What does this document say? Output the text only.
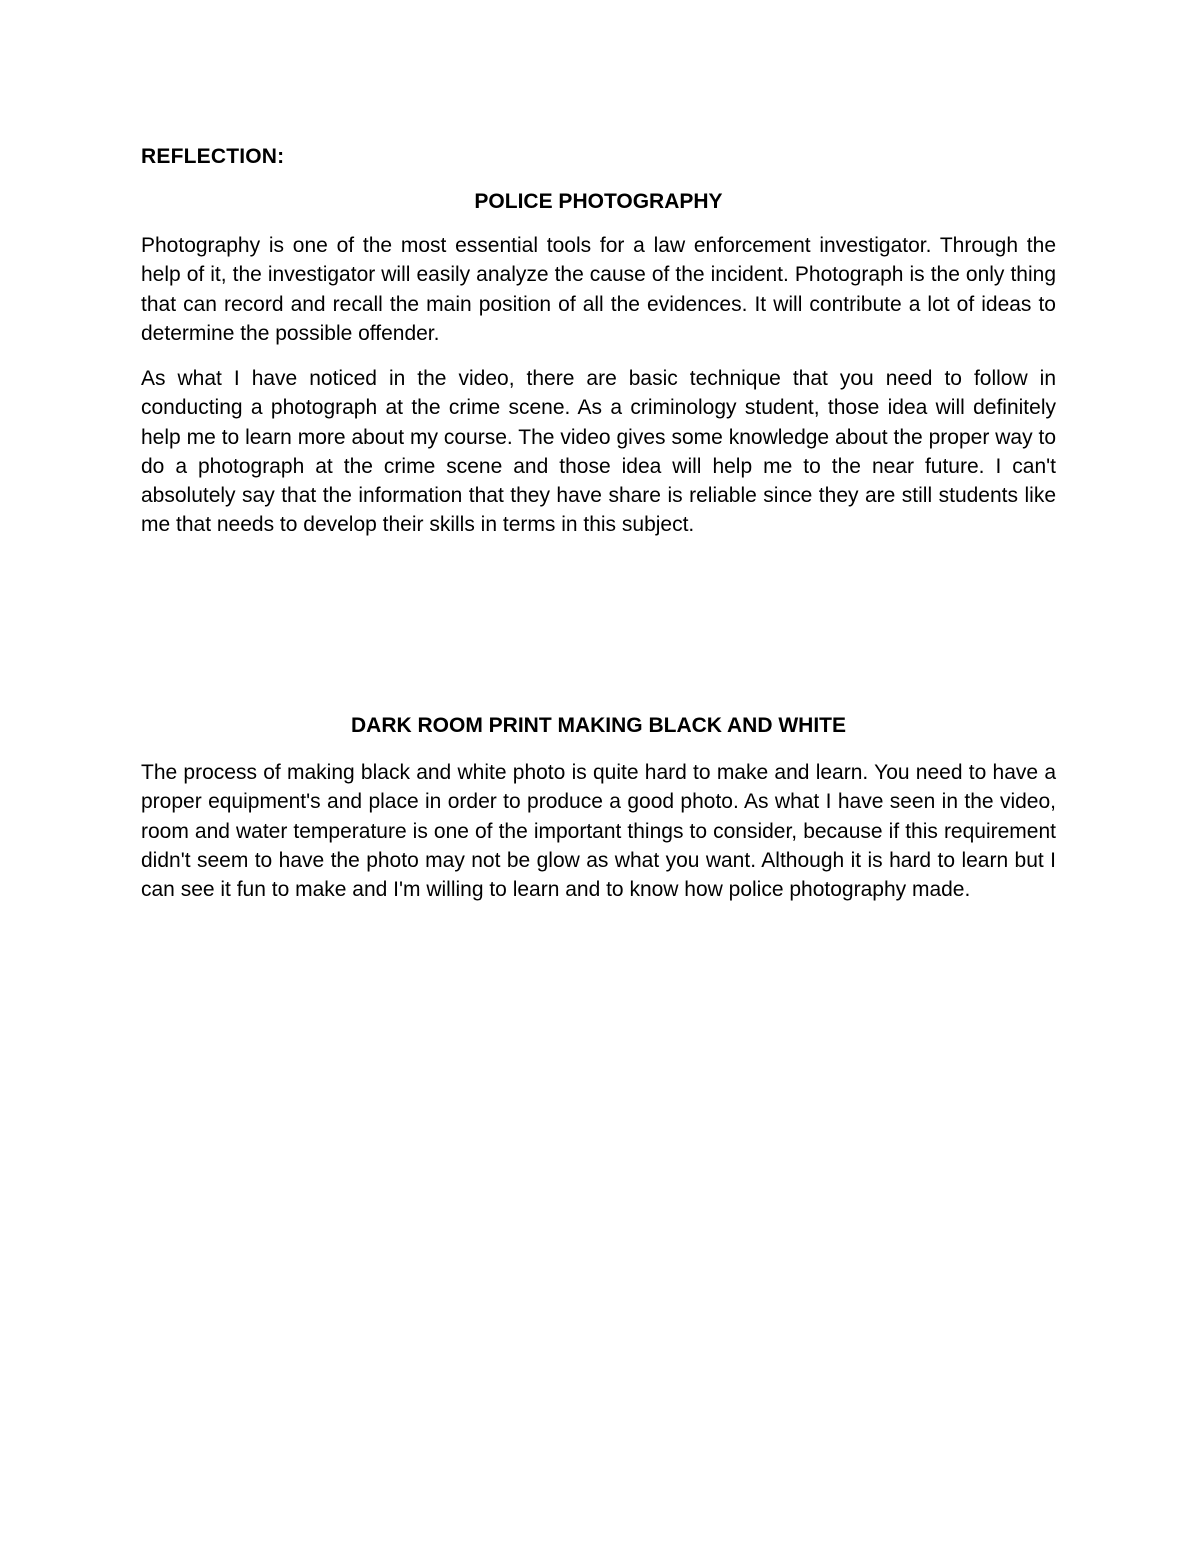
REFLECTION:
POLICE PHOTOGRAPHY

Photography is one of the most essential tools for a law enforcement investigator. Through the help of it, the investigator will easily analyze the cause of the incident. Photograph is the only thing that can record and recall the main position of all the evidences. It will contribute a lot of ideas to determine the possible offender.

As what I have noticed in the video, there are basic technique that you need to follow in conducting a photograph at the crime scene. As a criminology student, those idea will definitely help me to learn more about my course. The video gives some knowledge about the proper way to do a photograph at the crime scene and those idea will help me to the near future. I can't absolutely say that the information that they have share is reliable since they are still students like me that needs to develop their skills in terms in this subject.

DARK ROOM PRINT MAKING BLACK AND WHITE

The process of making black and white photo is quite hard to make and learn. You need to have a proper equipment's and place in order to produce a good photo. As what I have seen in the video, room and water temperature is one of the important things to consider, because if this requirement didn't seem to have the photo may not be glow as what you want. Although it is hard to learn but I can see it fun to make and I'm willing to learn and to know how police photography made.
